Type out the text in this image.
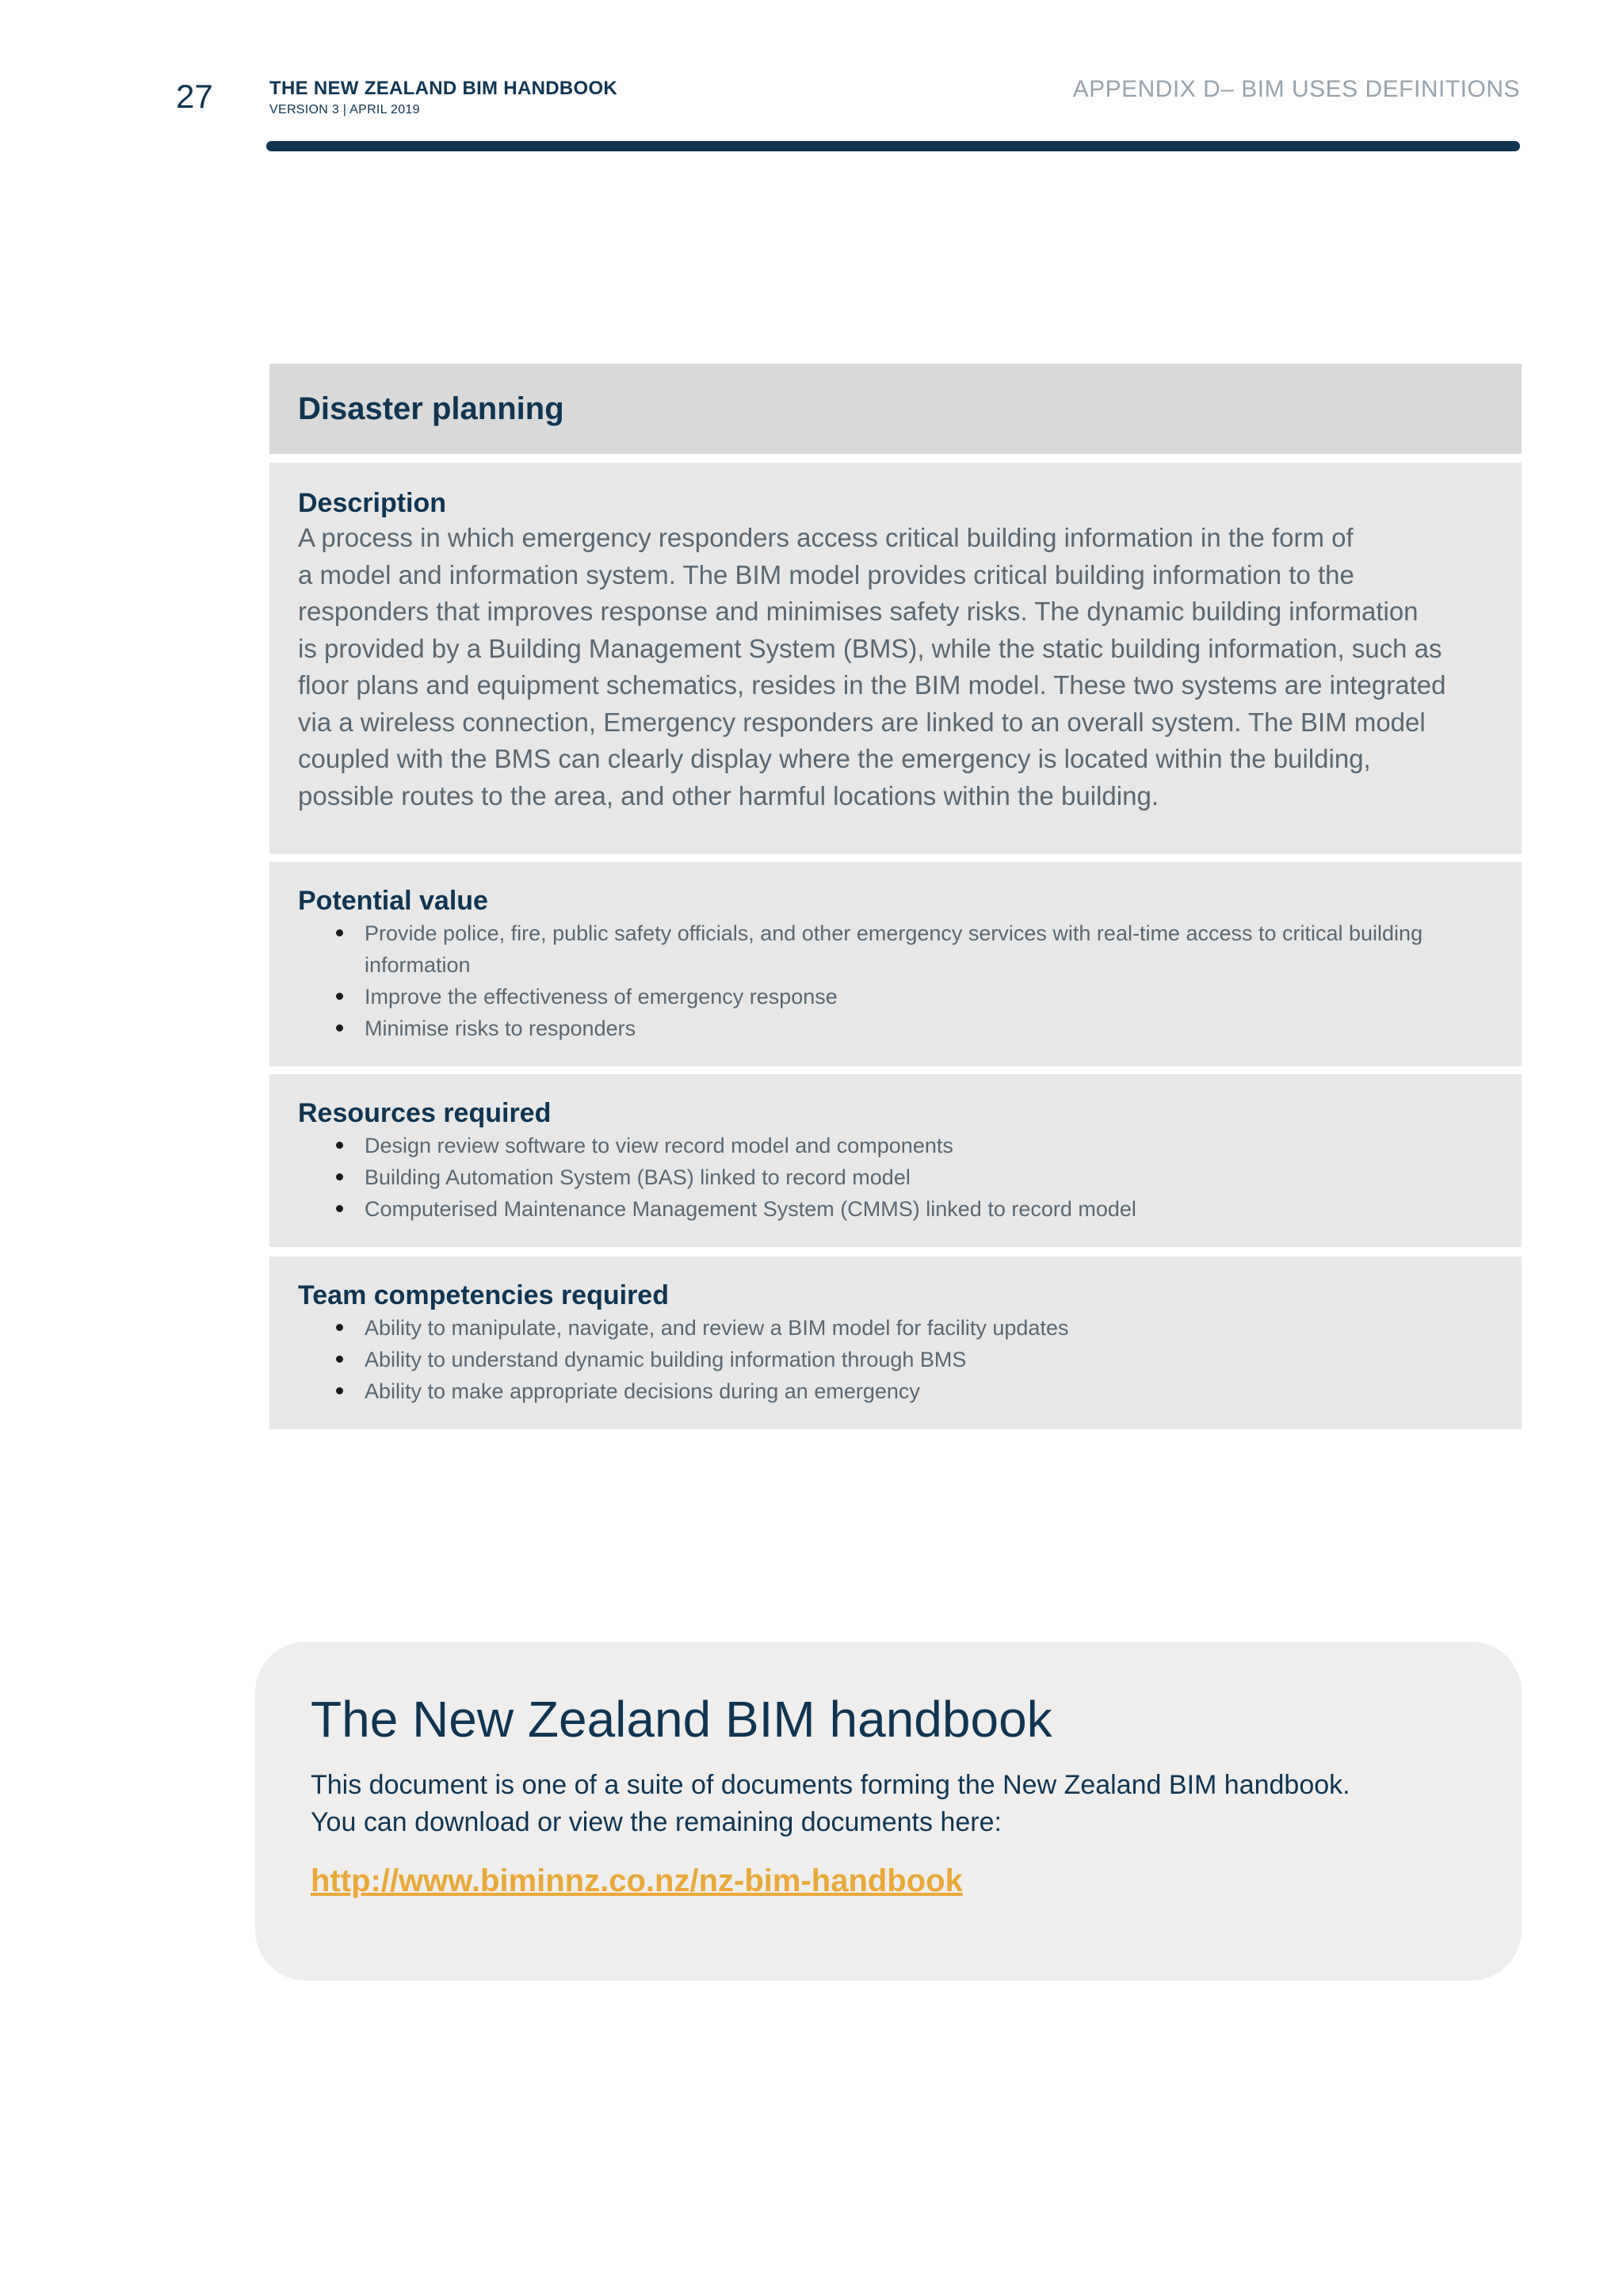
27	THE NEW ZEALAND BIM HANDBOOK
VERSION 3 | APRIL 2019
APPENDIX D– BIM USES DEFINITIONS
Disaster planning
Description

A process in which emergency responders access critical building information in the form of
a model and information system. The BIM model provides critical building information to the
responders that improves response and minimises safety risks. The dynamic building information
is provided by a Building Management System (BMS), while the static building information, such as
floor plans and equipment schematics, resides in the BIM model. These two systems are integrated
via a wireless connection, Emergency responders are linked to an overall system. The BIM model
coupled with the BMS can clearly display where the emergency is located within the building,
possible routes to the area, and other harmful locations within the building.

Potential value
Provide police, fire, public safety officials, and other emergency services with real-time access to critical building information
Improve the effectiveness of emergency response
Minimise risks to responders
Resources required
Design review software to view record model and components
Building Automation System (BAS) linked to record model
Computerised Maintenance Management System (CMMS) linked to record model
Team competencies required
Ability to manipulate, navigate, and review a BIM model for facility updates
Ability to understand dynamic building information through BMS
Ability to make appropriate decisions during an emergency
The New Zealand BIM handbook

This document is one of a suite of documents forming the New Zealand BIM handbook.
You can download or view the remaining documents here:

http://www.biminnz.co.nz/nz-bim-handbook
